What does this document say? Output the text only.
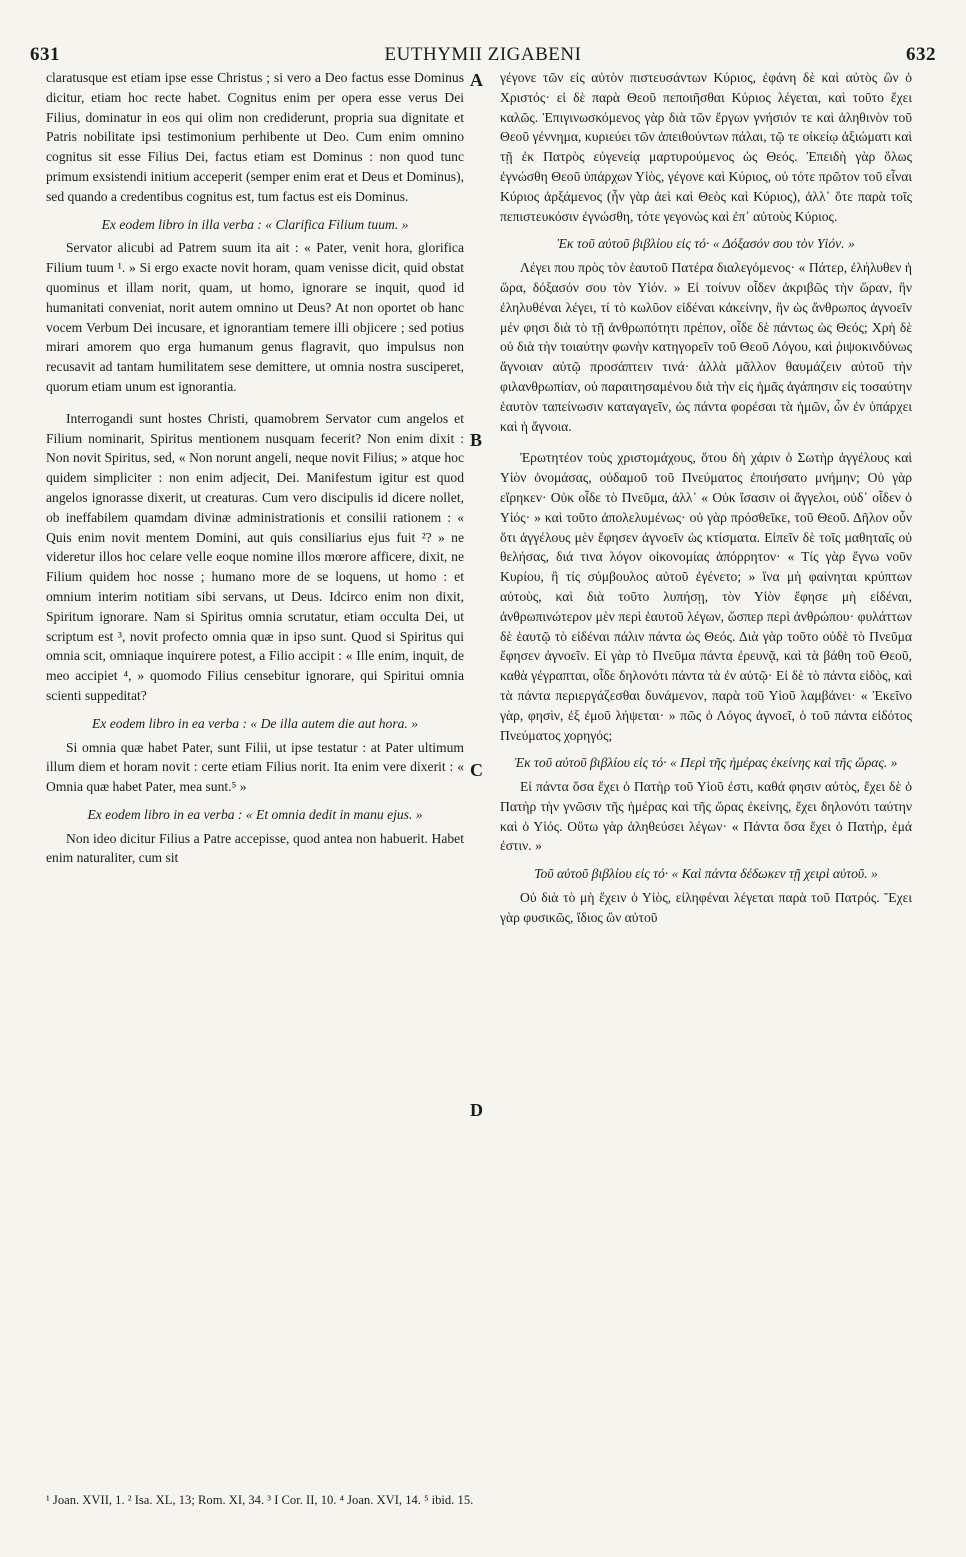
631	EUTHYMII ZIGABENI	632

claratusque est etiam ipse esse Christus ; si vero a Deo factus esse Dominus dicitur, etiam hoc recte habet. Cognitus enim per opera esse verus Dei Filius, dominatur in eos qui olim non crediderunt, propria sua dignitate et Patris nobilitate ipsi testimonium perhibente ut Deo. Cum enim omnino cognitus sit esse Filius Dei, factus etiam est Dominus : non quod tunc primum exsistendi initium acceperit (semper enim erat et Deus et Dominus), sed quando a credentibus cognitus est, tum factus est eis Dominus.

Ex eodem libro in illa verba : « Clarifica Filium tuum. »

Servator alicubi ad Patrem suum ita ait : « Pater, venit hora, glorifica Filium tuum ¹. » Si ergo exacte novit horam, quam venisse dicit, quid obstat quominus et illam norit, quam, ut homo, ignorare se inquit, quod id humanitati conveniat, norit autem omnino ut Deus? At non oportet ob hanc vocem Verbum Dei incusare, et ignorantiam temere illi objicere ; sed potius mirari amorem quo erga humanum genus flagravit, quo impulsus non recusavit ad tantam humilitatem sese demittere, ut omnia nostra susciperet, quorum etiam unum est ignorantia.

Interrogandi sunt hostes Christi, quamobrem Servator cum angelos et Filium nominarit, Spiritus mentionem nusquam fecerit? Non enim dixit : Non novit Spiritus, sed, « Non norunt angeli, neque novit Filius; » atque hoc quidem simpliciter : non enim adjecit, Dei. Manifestum igitur est quod angelos ignorasse dixerit, ut creaturas. Cum vero discipulis id dicere nollet, ob ineffabilem quamdam divinæ administrationis et consilii rationem : « Quis enim novit mentem Domini, aut quis consiliarius ejus fuit ²? » ne videretur illos hoc celare velle eoque nomine illos mœrore afficere, dixit, ne Filium quidem hoc nosse ; humano more de se loquens, ut homo : et omnium interim notitiam sibi servans, ut Deus. Idcirco enim non dixit, Spiritum ignorare. Nam si Spiritus omnia scrutatur, etiam occulta Dei, ut scriptum est ³, novit profecto omnia quæ in ipso sunt. Quod si Spiritus qui omnia scit, omniaque inquirere potest, a Filio accipit : « Ille enim, inquit, de meo accipiet ⁴, » quomodo Filius censebitur ignorare, qui Spiritui omnia scienti suppeditat?

Ex eodem libro in ea verba : « De illa autem die aut hora. »

Si omnia quæ habet Pater, sunt Filii, ut ipse testatur : at Pater ultimum illum diem et horam novit : certe etiam Filius norit. Ita enim vere dixerit : « Omnia quæ habet Pater, mea sunt.⁵ »

Ex eodem libro in ea verba : « Et omnia dedit in manu ejus. »

Non ideo dicitur Filius a Patre accepisse, quod antea non habuerit. Habet enim naturaliter, cum sit

A
B
C
D

γέγονε τῶν εἰς αὐτὸν πιστευσάντων Κύριος, ἐφάνη δὲ καὶ αὐτὸς ὢν ὁ Χριστός· εἰ δὲ παρὰ Θεοῦ πεποιῆσθαι Κύριος λέγεται, καὶ τοῦτο ἔχει καλῶς. Ἐπιγινωσκόμενος γὰρ διὰ τῶν ἔργων γνήσιόν τε καὶ ἀληθινὸν τοῦ Θεοῦ γέννημα, κυριεύει τῶν ἀπειθούντων πάλαι, τῷ τε οἰκείῳ ἀξιώματι καὶ τῇ ἐκ Πατρὸς εὐγενείᾳ μαρτυρούμενος ὡς Θεός. Ἐπειδὴ γὰρ ὅλως ἐγνώσθη Θεοῦ ὑπάρχων Υἱὸς, γέγονε καὶ Κύριος, οὐ τότε πρῶτον τοῦ εἶναι Κύριος ἀρξάμενος (ἦν γὰρ ἀεὶ καὶ Θεὸς καὶ Κύριος), ἀλλ᾽ ὅτε παρὰ τοῖς πεπιστευκόσιν ἐγνώσθη, τότε γεγονὼς καὶ ἐπ᾽ αὐτοὺς Κύριος.

Ἐκ τοῦ αὐτοῦ βιβλίου εἰς τό· « Δόξασόν σου τὸν Υἱόν. »

Λέγει που πρὸς τὸν ἑαυτοῦ Πατέρα διαλεγόμενος· « Πάτερ, ἐλήλυθεν ἡ ὥρα, δόξασόν σου τὸν Υἱόν. » Εἰ τοίνυν οἶδεν ἀκριβῶς τὴν ὥραν, ἣν ἐληλυθέναι λέγει, τί τὸ κωλῦον εἰδέναι κἀκείνην, ἣν ὡς ἄνθρωπος ἀγνοεῖν μέν φησι διὰ τὸ τῇ ἀνθρωπότητι πρέπον, οἶδε δὲ πάντως ὡς Θεός; Χρὴ δὲ οὐ διὰ τὴν τοιαύτην φωνὴν κατηγορεῖν τοῦ Θεοῦ Λόγου, καὶ ῥιψοκινδύνως ἄγνοιαν αὐτῷ προσάπτειν τινά· ἀλλὰ μᾶλλον θαυμάζειν αὐτοῦ τὴν φιλανθρωπίαν, οὐ παραιτησαμένου διὰ τὴν εἰς ἡμᾶς ἀγάπησιν εἰς τοσαύτην ἑαυτὸν ταπείνωσιν καταγαγεῖν, ὡς πάντα φορέσαι τὰ ἡμῶν, ὧν ἐν ὑπάρχει καὶ ἡ ἄγνοια.

Ἐρωτητέον τοὺς χριστομάχους, ὅτου δὴ χάριν ὁ Σωτὴρ ἀγγέλους καὶ Υἱὸν ὀνομάσας, οὐδαμοῦ τοῦ Πνεύματος ἐποιήσατο μνήμην; Οὐ γὰρ εἴρηκεν· Οὐκ οἶδε τὸ Πνεῦμα, ἀλλ᾽ « Οὐκ ἴσασιν οἱ ἄγγελοι, οὐδ᾽ οἶδεν ὁ Υἱός· » καὶ τοῦτο ἀπολελυμένως· οὐ γὰρ πρόσθεῖκε, τοῦ Θεοῦ. Δῆλον οὖν ὅτι ἀγγέλους μὲν ἔφησεν ἀγνοεῖν ὡς κτίσματα. Εἰπεῖν δὲ τοῖς μαθηταῖς οὐ θελήσας, διά τινα λόγον οἰκονομίας ἀπόρρητον· « Τίς γὰρ ἔγνω νοῦν Κυρίου, ἢ τίς σύμβουλος αὐτοῦ ἐγένετο; » ἵνα μὴ φαίνηται κρύπτων αὐτοὺς, καὶ διὰ τοῦτο λυπήσῃ, τὸν Υἱὸν ἔφησε μὴ εἰδέναι, ἀνθρωπινώτερον μὲν περὶ ἑαυτοῦ λέγων, ὥσπερ περὶ ἀνθρώπου· φυλάττων δὲ ἑαυτῷ τὸ εἰδέναι πάλιν πάντα ὡς Θεός. Διὰ γὰρ τοῦτο οὐδὲ τὸ Πνεῦμα ἔφησεν ἀγνοεῖν. Εἰ γὰρ τὸ Πνεῦμα πάντα ἐρευνᾷ, καὶ τὰ βάθη τοῦ Θεοῦ, καθὰ γέγραπται, οἶδε δηλονότι πάντα τὰ ἐν αὐτῷ· Εἰ δὲ τὸ πάντα εἰδὸς, καὶ τὰ πάντα περιεργάζεσθαι δυνάμενον, παρὰ τοῦ Υἱοῦ λαμβάνει· « Ἐκεῖνο γὰρ, φησὶν, ἐξ ἐμοῦ λήψεται· » πῶς ὁ Λόγος ἀγνοεῖ, ὁ τοῦ πάντα εἰδότος Πνεύματος χορηγός;

Ἐκ τοῦ αὐτοῦ βιβλίου εἰς τό· « Περὶ τῆς ἡμέρας ἐκείνης καὶ τῆς ὥρας. »

Εἰ πάντα ὅσα ἔχει ὁ Πατὴρ τοῦ Υἱοῦ ἐστι, καθά φησιν αὐτὸς, ἔχει δὲ ὁ Πατὴρ τὴν γνῶσιν τῆς ἡμέρας καὶ τῆς ὥρας ἐκείνης, ἔχει δηλονότι ταύτην καὶ ὁ Υἱός. Οὕτω γὰρ ἀληθεύσει λέγων· « Πάντα ὅσα ἔχει ὁ Πατὴρ, ἐμά ἐστιν. »

Τοῦ αὐτοῦ βιβλίου εἰς τό· « Καὶ πάντα δέδωκεν τῇ χειρὶ αὐτοῦ. »

Οὐ διὰ τὸ μὴ ἔχειν ὁ Υἱὸς, εἰληφέναι λέγεται παρὰ τοῦ Πατρός. Ἔχει γὰρ φυσικῶς, ἴδιος ὢν αὐτοῦ

¹ Joan. XVII, 1. ² Isa. XL, 13; Rom. XI, 34. ³ I Cor. II, 10. ⁴ Joan. XVI, 14. ⁵ ibid. 15.
